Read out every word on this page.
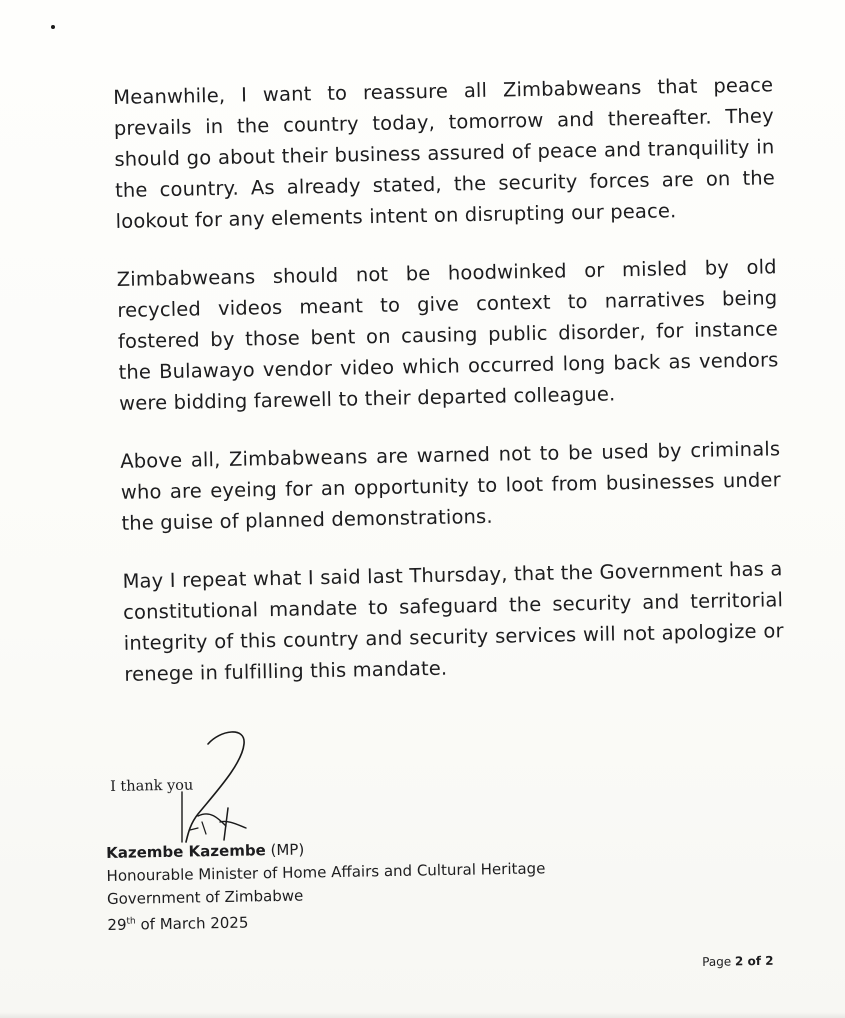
Meanwhile, I want to reassure all Zimbabweans that peace prevails in the country today, tomorrow and thereafter. They should go about their business assured of peace and tranquility in the country. As already stated, the security forces are on the lookout for any elements intent on disrupting our peace.

Zimbabweans should not be hoodwinked or misled by old recycled videos meant to give context to narratives being fostered by those bent on causing public disorder, for instance the Bulawayo vendor video which occurred long back as vendors were bidding farewell to their departed colleague.

Above all, Zimbabweans are warned not to be used by criminals who are eyeing for an opportunity to loot from businesses under the guise of planned demonstrations.

May I repeat what I said last Thursday, that the Government has a constitutional mandate to safeguard the security and territorial integrity of this country and security services will not apologize or renege in fulfilling this mandate.

I thank you
Kazembe Kazembe (MP)
Honourable Minister of Home Affairs and Cultural Heritage
Government of Zimbabwe
29th of March 2025
Page 2 of 2
